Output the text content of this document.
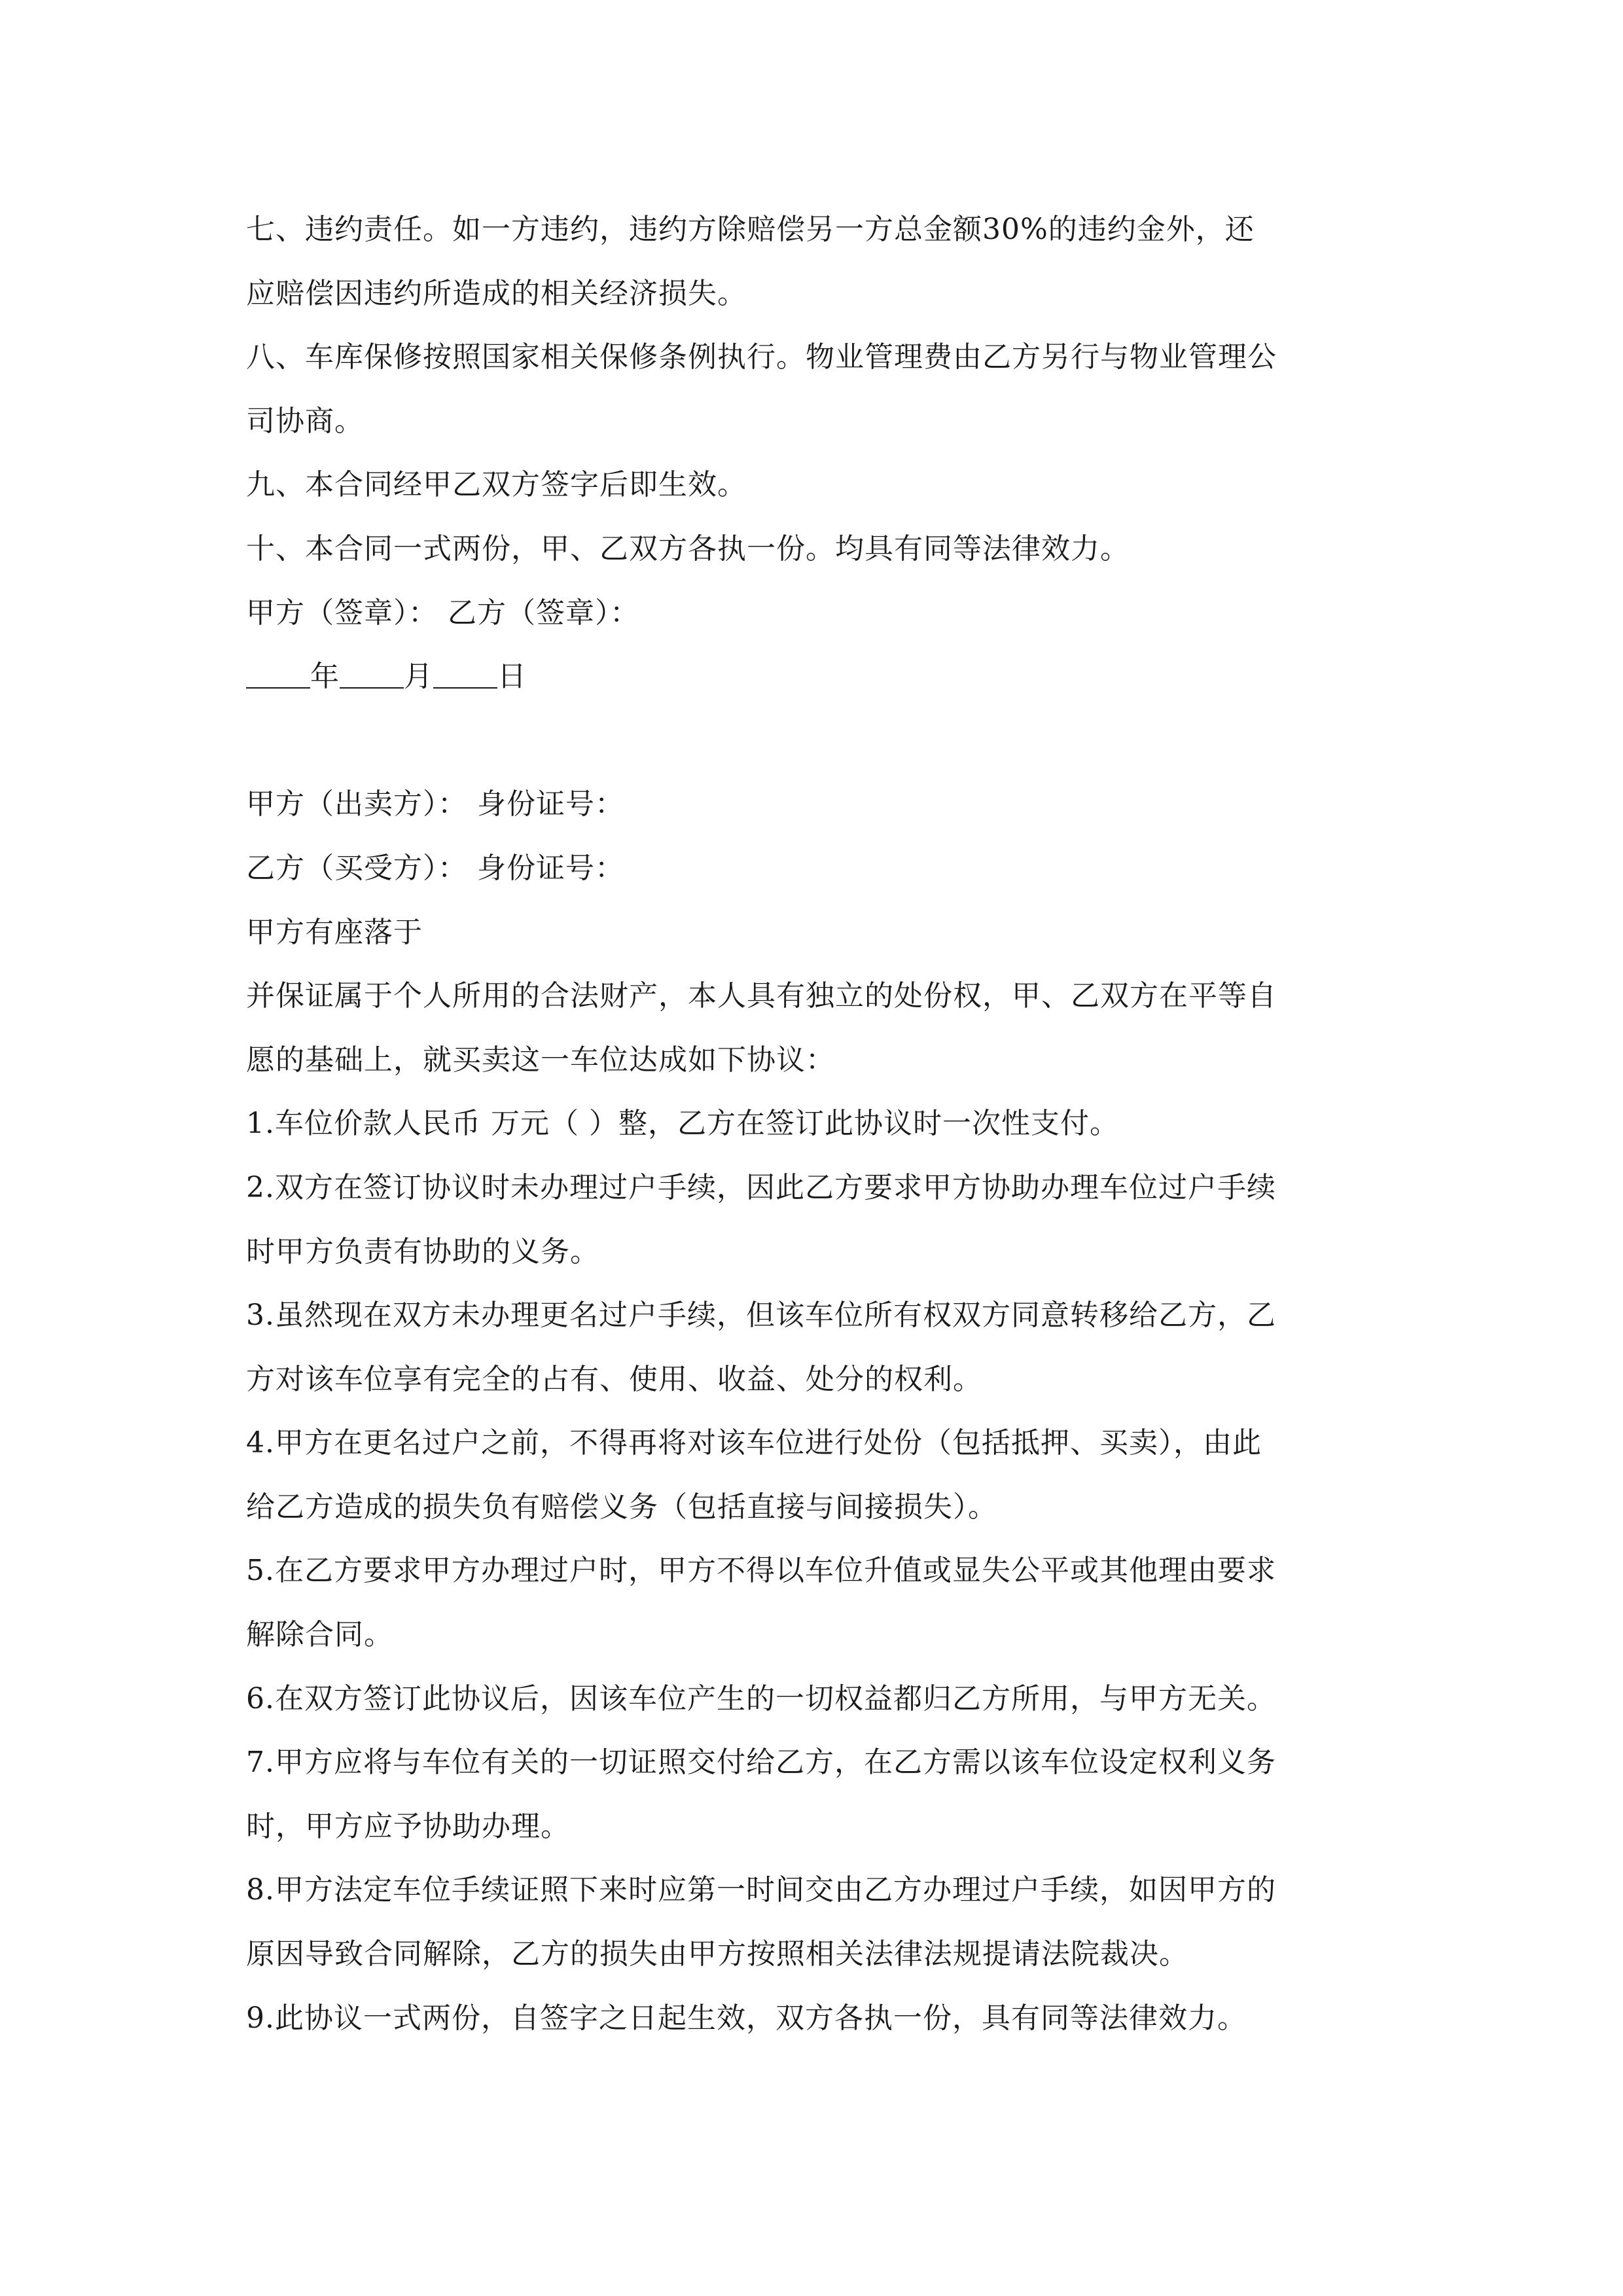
七、违约责任。如一方违约，违约方除赔偿另一方总金额30%的违约金外，还
应赔偿因违约所造成的相关经济损失。
八、车库保修按照国家相关保修条例执行。物业管理费由乙方另行与物业管理公
司协商。
九、本合同经甲乙双方签字后即生效。
十、本合同一式两份，甲、乙双方各执一份。均具有同等法律效力。
甲方（签章）： 乙方（签章）：
年 月 日
甲方（出卖方）： 身份证号：
乙方（买受方）： 身份证号：
甲方有座落于
并保证属于个人所用的合法财产，本人具有独立的处份权，甲、乙双方在平等自
愿的基础上，就买卖这一车位达成如下协议：
1.车位价款人民币 万元（ ）整，乙方在签订此协议时一次性支付。
2.双方在签订协议时未办理过户手续，因此乙方要求甲方协助办理车位过户手续
时甲方负责有协助的义务。
3.虽然现在双方未办理更名过户手续，但该车位所有权双方同意转移给乙方，乙
方对该车位享有完全的占有、使用、收益、处分的权利。
4.甲方在更名过户之前，不得再将对该车位进行处份（包括抵押、买卖），由此
给乙方造成的损失负有赔偿义务（包括直接与间接损失）。
5.在乙方要求甲方办理过户时，甲方不得以车位升值或显失公平或其他理由要求
解除合同。
6.在双方签订此协议后，因该车位产生的一切权益都归乙方所用，与甲方无关。
7.甲方应将与车位有关的一切证照交付给乙方，在乙方需以该车位设定权利义务
时，甲方应予协助办理。
8.甲方法定车位手续证照下来时应第一时间交由乙方办理过户手续，如因甲方的
原因导致合同解除，乙方的损失由甲方按照相关法律法规提请法院裁决。
9.此协议一式两份，自签字之日起生效，双方各执一份，具有同等法律效力。
